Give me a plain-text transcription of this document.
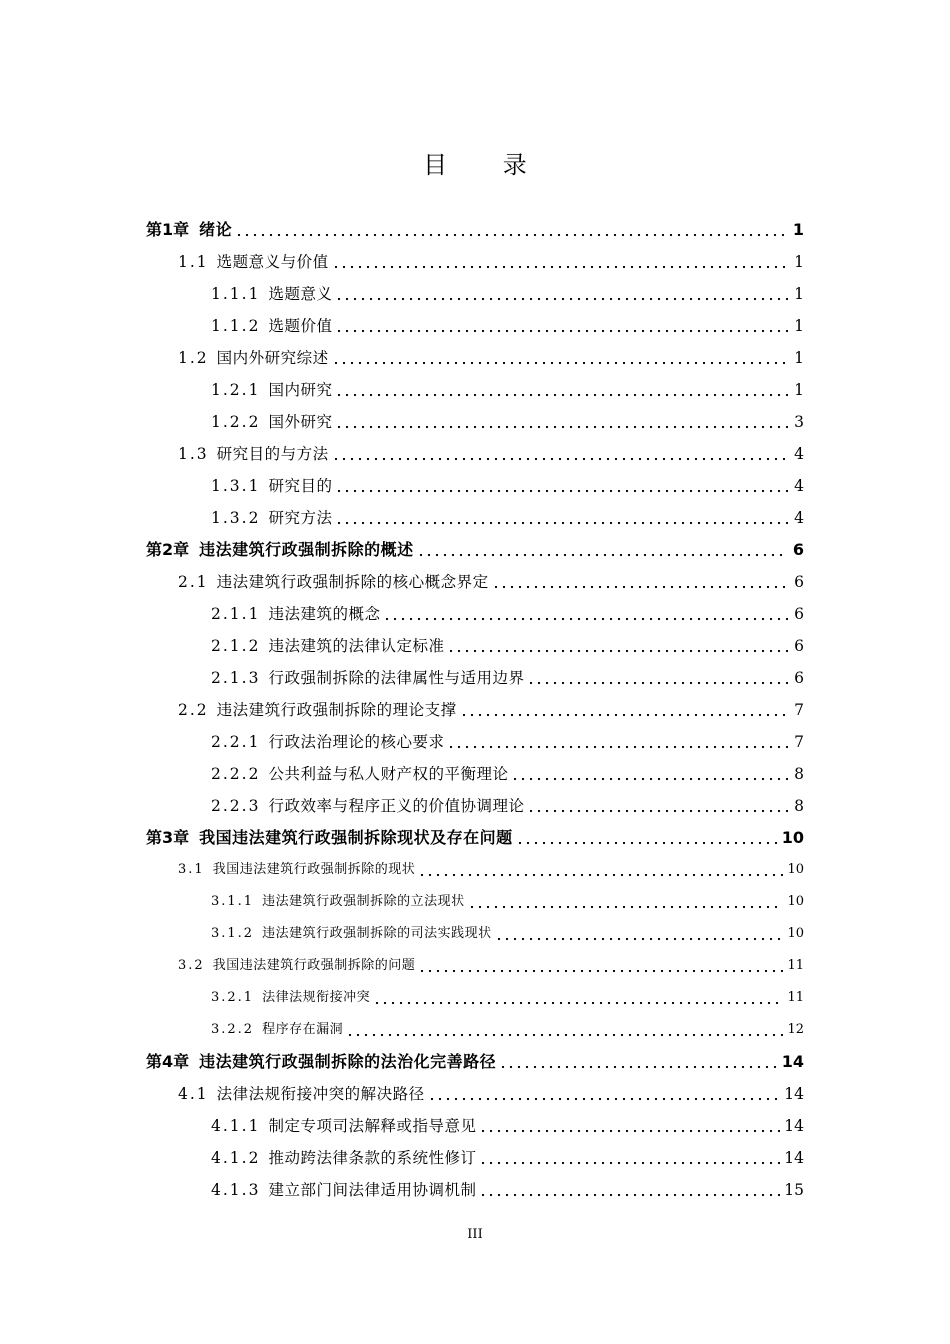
目 录
第1章 绪论	1
1.1 选题意义与价值	1
1.1.1 选题意义	1
1.1.2 选题价值	1
1.2 国内外研究综述	1
1.2.1 国内研究	1
1.2.2 国外研究	3
1.3 研究目的与方法	4
1.3.1 研究目的	4
1.3.2 研究方法	4
第2章 违法建筑行政强制拆除的概述	6
2.1 违法建筑行政强制拆除的核心概念界定	6
2.1.1 违法建筑的概念	6
2.1.2 违法建筑的法律认定标准	6
2.1.3 行政强制拆除的法律属性与适用边界	6
2.2 违法建筑行政强制拆除的理论支撑	7
2.2.1 行政法治理论的核心要求	7
2.2.2 公共利益与私人财产权的平衡理论	8
2.2.3 行政效率与程序正义的价值协调理论	8
第3章 我国违法建筑行政强制拆除现状及存在问题	10
3.1 我国违法建筑行政强制拆除的现状	10
3.1.1 违法建筑行政强制拆除的立法现状	10
3.1.2 违法建筑行政强制拆除的司法实践现状	10
3.2 我国违法建筑行政强制拆除的问题	11
3.2.1 法律法规衔接冲突	11
3.2.2 程序存在漏洞	12
第4章 违法建筑行政强制拆除的法治化完善路径	14
4.1 法律法规衔接冲突的解决路径	14
4.1.1 制定专项司法解释或指导意见	14
4.1.2 推动跨法律条款的系统性修订	14
4.1.3 建立部门间法律适用协调机制	15
III
